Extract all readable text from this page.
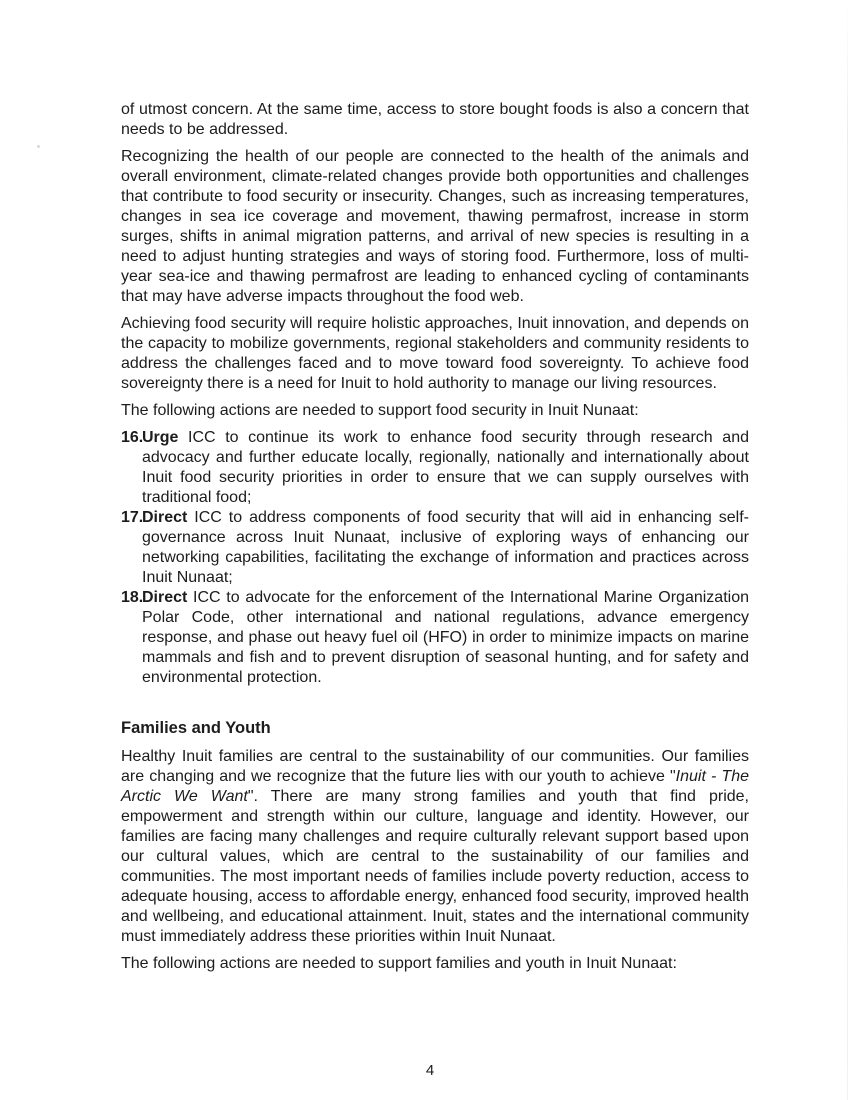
of utmost concern. At the same time, access to store bought foods is also a concern that needs to be addressed.

Recognizing the health of our people are connected to the health of the animals and overall environment, climate-related changes provide both opportunities and challenges that contribute to food security or insecurity. Changes, such as increasing temperatures, changes in sea ice coverage and movement, thawing permafrost, increase in storm surges, shifts in animal migration patterns, and arrival of new species is resulting in a need to adjust hunting strategies and ways of storing food. Furthermore, loss of multi-year sea-ice and thawing permafrost are leading to enhanced cycling of contaminants that may have adverse impacts throughout the food web.

Achieving food security will require holistic approaches, Inuit innovation, and depends on the capacity to mobilize governments, regional stakeholders and community residents to address the challenges faced and to move toward food sovereignty. To achieve food sovereignty there is a need for Inuit to hold authority to manage our living resources.

The following actions are needed to support food security in Inuit Nunaat:

16.
Urge ICC to continue its work to enhance food security through research and advocacy and further educate locally, regionally, nationally and internationally about Inuit food security priorities in order to ensure that we can supply ourselves with traditional food;
17.
Direct ICC to address components of food security that will aid in enhancing self-governance across Inuit Nunaat, inclusive of exploring ways of enhancing our networking capabilities, facilitating the exchange of information and practices across Inuit Nunaat;
18.
Direct ICC to advocate for the enforcement of the International Marine Organization Polar Code, other international and national regulations, advance emergency response, and phase out heavy fuel oil (HFO) in order to minimize impacts on marine mammals and fish and to prevent disruption of seasonal hunting, and for safety and environmental protection.
Families and Youth

Healthy Inuit families are central to the sustainability of our communities. Our families are changing and we recognize that the future lies with our youth to achieve "Inuit - The Arctic We Want". There are many strong families and youth that find pride, empowerment and strength within our culture, language and identity. However, our families are facing many challenges and require culturally relevant support based upon our cultural values, which are central to the sustainability of our families and communities. The most important needs of families include poverty reduction, access to adequate housing, access to affordable energy, enhanced food security, improved health and wellbeing, and educational attainment. Inuit, states and the international community must immediately address these priorities within Inuit Nunaat.

The following actions are needed to support families and youth in Inuit Nunaat:

4
